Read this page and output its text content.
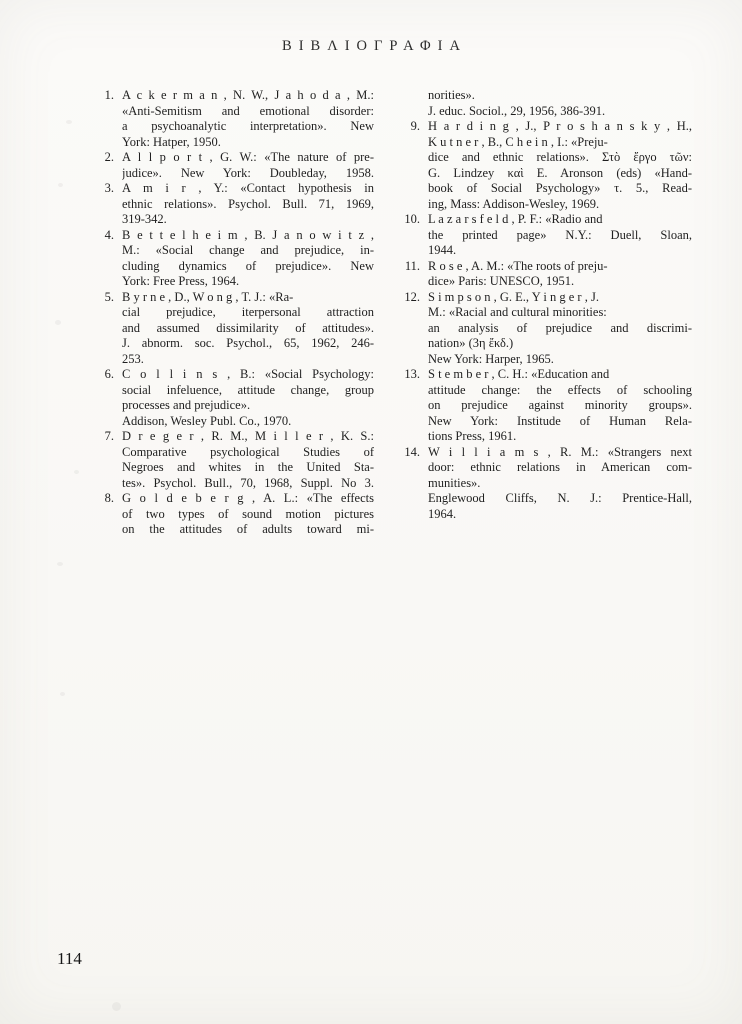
ΒΙΒΛΙΟΓΡΑΦΙΑ
1. A c k e r m a n , N. W., J a h o d a , M.:
«Anti-Semitism and emotional disorder:
a psychoanalytic interpretation». New
York: Hatper, 1950.
2. A l l p o r t , G. W.: «The nature of pre-
judice». New York: Doubleday, 1958.
3. A m i r , Y.: «Contact hypothesis in
ethnic relations». Psychol. Bull. 71, 1969,
319-342.
4. B e t t e l h e i m , B. J a n o w i t z ,
M.: «Social change and prejudice, in-
cluding dynamics of prejudice». New
York: Free Press, 1964.
5. B y r n e , D., W o n g , T. J.: «Ra-
cial prejudice, iterpersonal attraction
and assumed dissimilarity of attitudes».
J. abnorm. soc. Psychol., 65, 1962, 246-
253.
6. C o l l i n s , B.: «Social Psychology:
social infeluence, attitude change, group
processes and prejudice».
Addison, Wesley Publ. Co., 1970.
7. D r e g e r , R. M., M i l l e r , K. S.:
Comparative psychological Studies of
Negroes and whites in the United Sta-
tes». Psychol. Bull., 70, 1968, Suppl. No 3.
8. G o l d e b e r g , A. L.: «The effects
of two types of sound motion pictures
on the attitudes of adults toward mi-
norities».
J. educ. Sociol., 29, 1956, 386-391.
9. H a r d i n g , J., P r o s h a n s k y , H.,
K u t n e r , B., C h e i n , I.: «Preju-
dice and ethnic relations». Στὸ ἔργο τῶν:
G. Lindzey καὶ E. Aronson (eds) «Hand-
book of Social Psychology» τ. 5., Read-
ing, Mass: Addison-Wesley, 1969.
10. L a z a r s f e l d , P. F.: «Radio and
the printed page» N.Y.: Duell, Sloan,
1944.
11. R o s e , A. M.: «The roots of preju-
dice» Paris: UNESCO, 1951.
12. S i m p s o n , G. E., Y i n g e r , J.
M.: «Racial and cultural minorities:
an analysis of prejudice and discrimi-
nation» (3η ἔκδ.)
New York: Harper, 1965.
13. S t e m b e r , C. H.: «Education and
attitude change: the effects of schooling
on prejudice against minority groups».
New York: Institude of Human Rela-
tions Press, 1961.
14. W i l l i a m s , R. M.: «Strangers next
door: ethnic relations in American com-
munities».
Englewood Cliffs, N. J.: Prentice-Hall,
1964.
114
